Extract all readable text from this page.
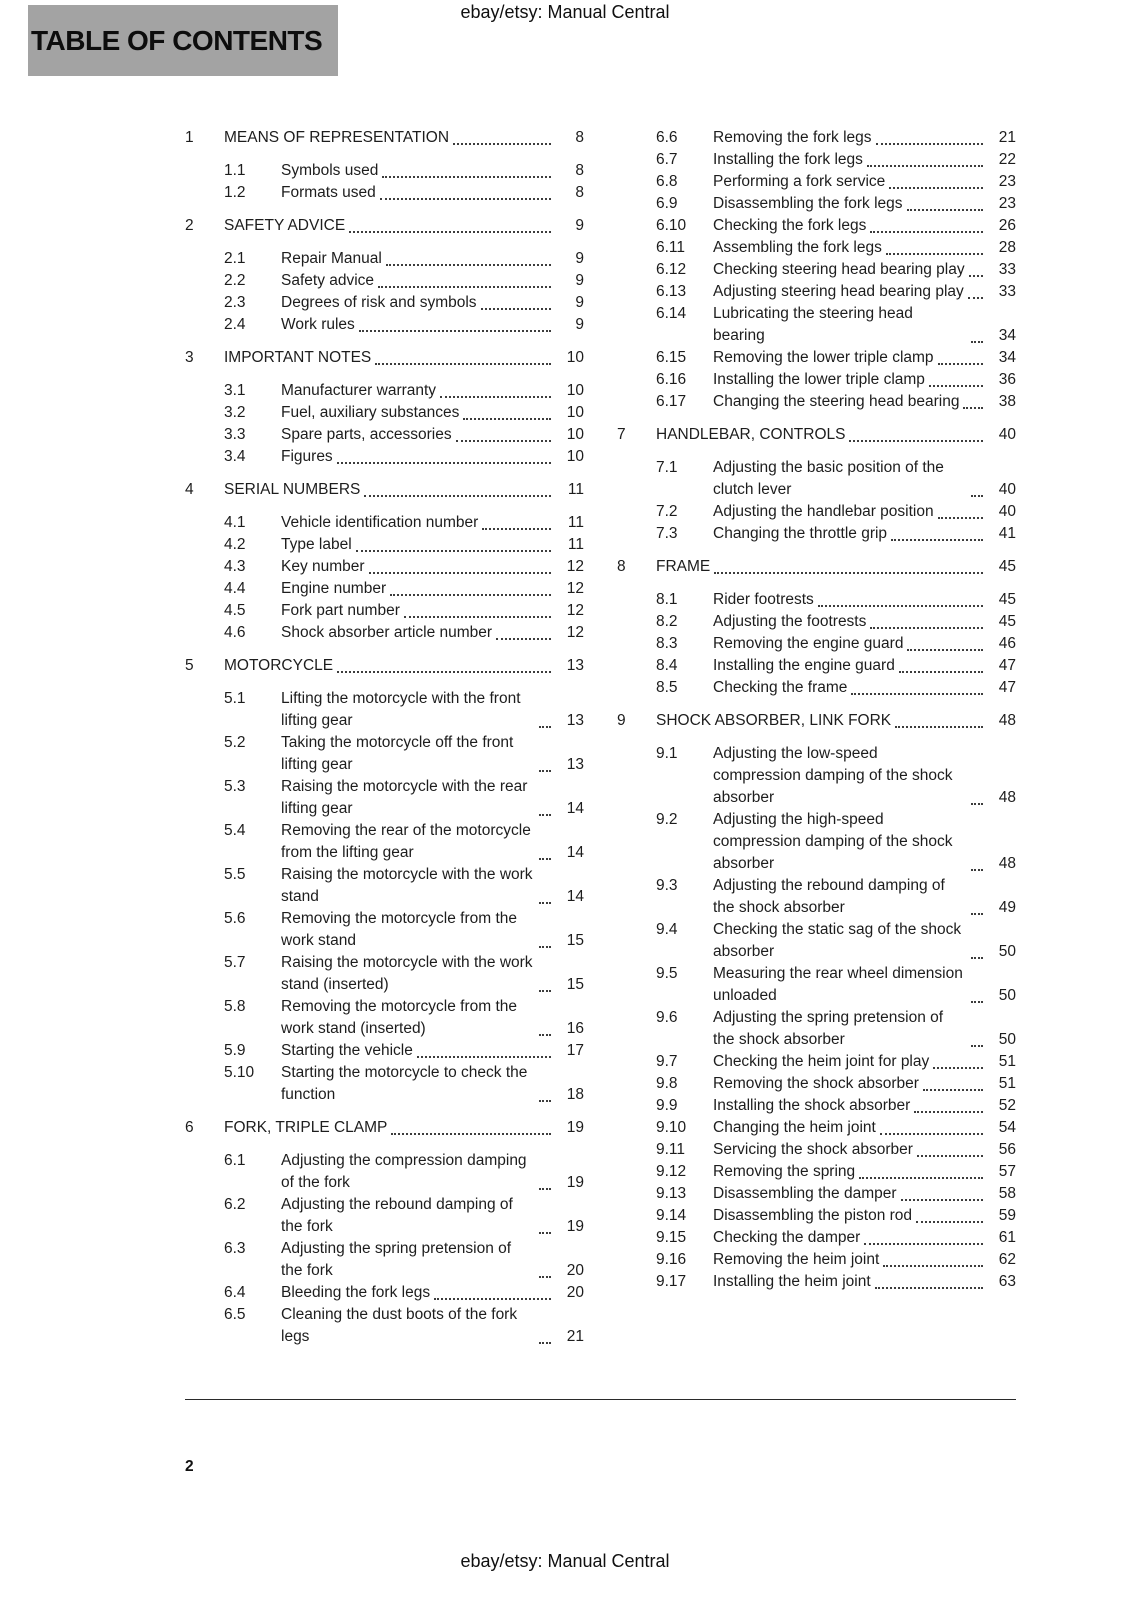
ebay/etsy: Manual Central
TABLE OF CONTENTS
1	MEANS OF REPRESENTATION	8
1.1	Symbols used	8
1.2	Formats used	8
2	SAFETY ADVICE	9
2.1	Repair Manual	9
2.2	Safety advice	9
2.3	Degrees of risk and symbols	9
2.4	Work rules	9
3	IMPORTANT NOTES	10
3.1	Manufacturer warranty	10
3.2	Fuel, auxiliary substances	10
3.3	Spare parts, accessories	10
3.4	Figures	10
4	SERIAL NUMBERS	11
4.1	Vehicle identification number	11
4.2	Type label	11
4.3	Key number	12
4.4	Engine number	12
4.5	Fork part number	12
4.6	Shock absorber article number	12
5	MOTORCYCLE	13
5.1	Lifting the motorcycle with the front lifting gear	13
5.2	Taking the motorcycle off the front lifting gear	13
5.3	Raising the motorcycle with the rear lifting gear	14
5.4	Removing the rear of the motorcycle from the lifting gear	14
5.5	Raising the motorcycle with the work stand	14
5.6	Removing the motorcycle from the work stand	15
5.7	Raising the motorcycle with the work stand (inserted)	15
5.8	Removing the motorcycle from the work stand (inserted)	16
5.9	Starting the vehicle	17
5.10	Starting the motorcycle to check the function	18
6	FORK, TRIPLE CLAMP	19
6.1	Adjusting the compression damping of the fork	19
6.2	Adjusting the rebound damping of the fork	19
6.3	Adjusting the spring pretension of the fork	20
6.4	Bleeding the fork legs	20
6.5	Cleaning the dust boots of the fork legs	21
6.6	Removing the fork legs	21
6.7	Installing the fork legs	22
6.8	Performing a fork service	23
6.9	Disassembling the fork legs	23
6.10	Checking the fork legs	26
6.11	Assembling the fork legs	28
6.12	Checking steering head bearing play	33
6.13	Adjusting steering head bearing play	33
6.14	Lubricating the steering head bearing	34
6.15	Removing the lower triple clamp	34
6.16	Installing the lower triple clamp	36
6.17	Changing the steering head bearing	38
7	HANDLEBAR, CONTROLS	40
7.1	Adjusting the basic position of the clutch lever	40
7.2	Adjusting the handlebar position	40
7.3	Changing the throttle grip	41
8	FRAME	45
8.1	Rider footrests	45
8.2	Adjusting the footrests	45
8.3	Removing the engine guard	46
8.4	Installing the engine guard	47
8.5	Checking the frame	47
9	SHOCK ABSORBER, LINK FORK	48
9.1	Adjusting the low-speed compression damping of the shock absorber	48
9.2	Adjusting the high-speed compression damping of the shock absorber	48
9.3	Adjusting the rebound damping of the shock absorber	49
9.4	Checking the static sag of the shock absorber	50
9.5	Measuring the rear wheel dimension unloaded	50
9.6	Adjusting the spring pretension of the shock absorber	50
9.7	Checking the heim joint for play	51
9.8	Removing the shock absorber	51
9.9	Installing the shock absorber	52
9.10	Changing the heim joint	54
9.11	Servicing the shock absorber	56
9.12	Removing the spring	57
9.13	Disassembling the damper	58
9.14	Disassembling the piston rod	59
9.15	Checking the damper	61
9.16	Removing the heim joint	62
9.17	Installing the heim joint	63
2
ebay/etsy: Manual Central
